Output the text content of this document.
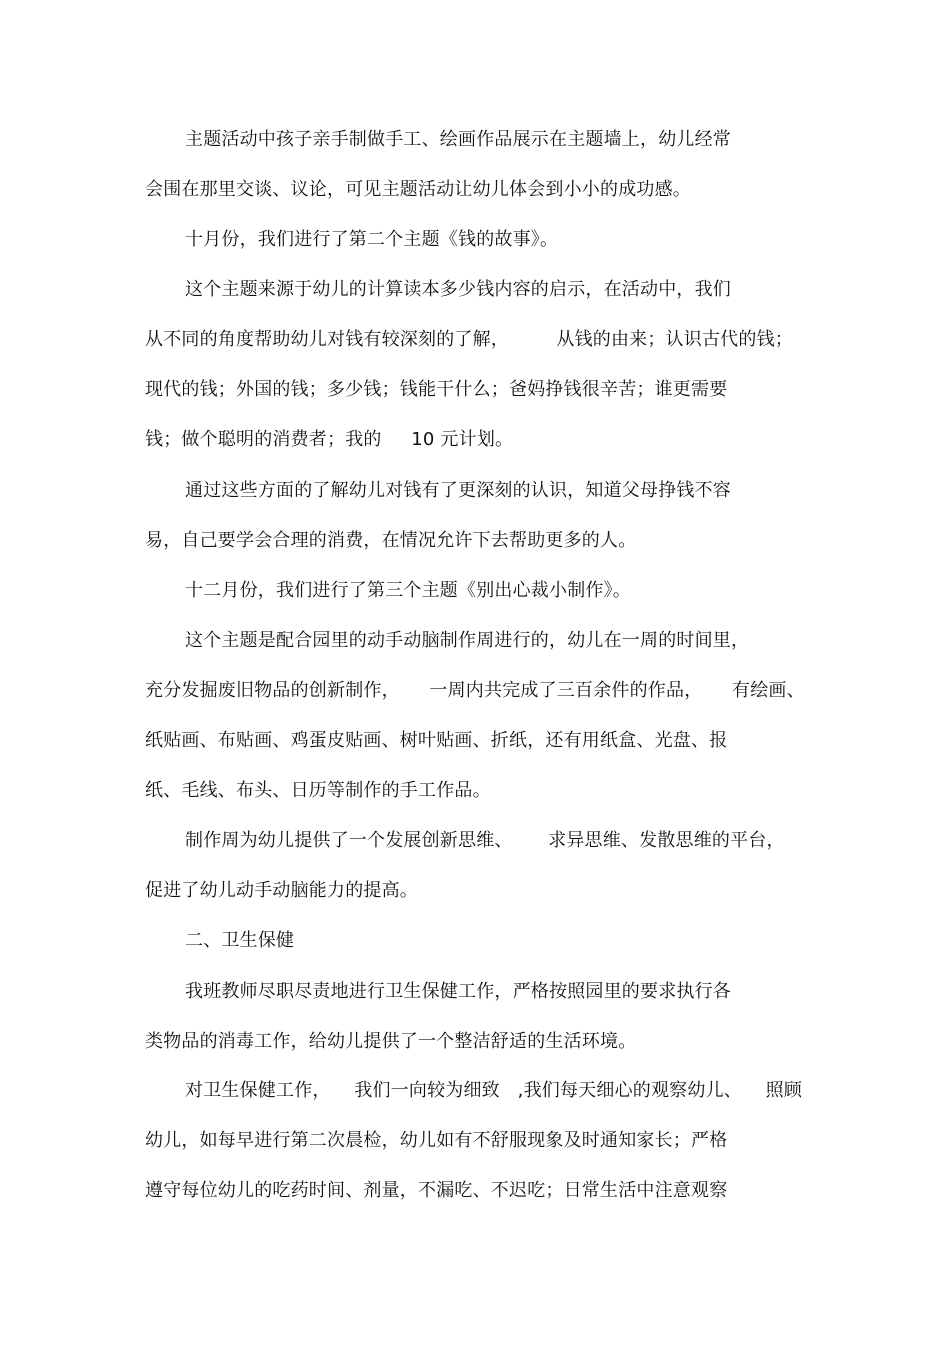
主题活动中孩子亲手制做手工、绘画作品展示在主题墙上，幼儿经常
会围在那里交谈、议论，可见主题活动让幼儿体会到小小的成功感。
十月份，我们进行了第二个主题《钱的故事》。
这个主题来源于幼儿的计算读本多少钱内容的启示，在活动中，我们
从不同的角度帮助幼儿对钱有较深刻的了解，        从钱的由来；认识古代的钱；
现代的钱；外国的钱；多少钱；钱能干什么；爸妈挣钱很辛苦；谁更需要
钱；做个聪明的消费者；我的     10 元计划。
通过这些方面的了解幼儿对钱有了更深刻的认识，知道父母挣钱不容
易，自己要学会合理的消费，在情况允许下去帮助更多的人。
十二月份，我们进行了第三个主题《别出心裁小制作》。
这个主题是配合园里的动手动脑制作周进行的，幼儿在一周的时间里，
充分发掘废旧物品的创新制作，     一周内共完成了三百余件的作品，     有绘画、
纸贴画、布贴画、鸡蛋皮贴画、树叶贴画、折纸，还有用纸盒、光盘、报
纸、毛线、布头、日历等制作的手工作品。
制作周为幼儿提供了一个发展创新思维、      求异思维、发散思维的平台，
促进了幼儿动手动脑能力的提高。
二、卫生保健
我班教师尽职尽责地进行卫生保健工作，严格按照园里的要求执行各
类物品的消毒工作，给幼儿提供了一个整洁舒适的生活环境。
对卫生保健工作，    我们一向较为细致   ,我们每天细心的观察幼儿、    照顾
幼儿，如每早进行第二次晨检，幼儿如有不舒服现象及时通知家长；严格
遵守每位幼儿的吃药时间、剂量，不漏吃、不迟吃；日常生活中注意观察
